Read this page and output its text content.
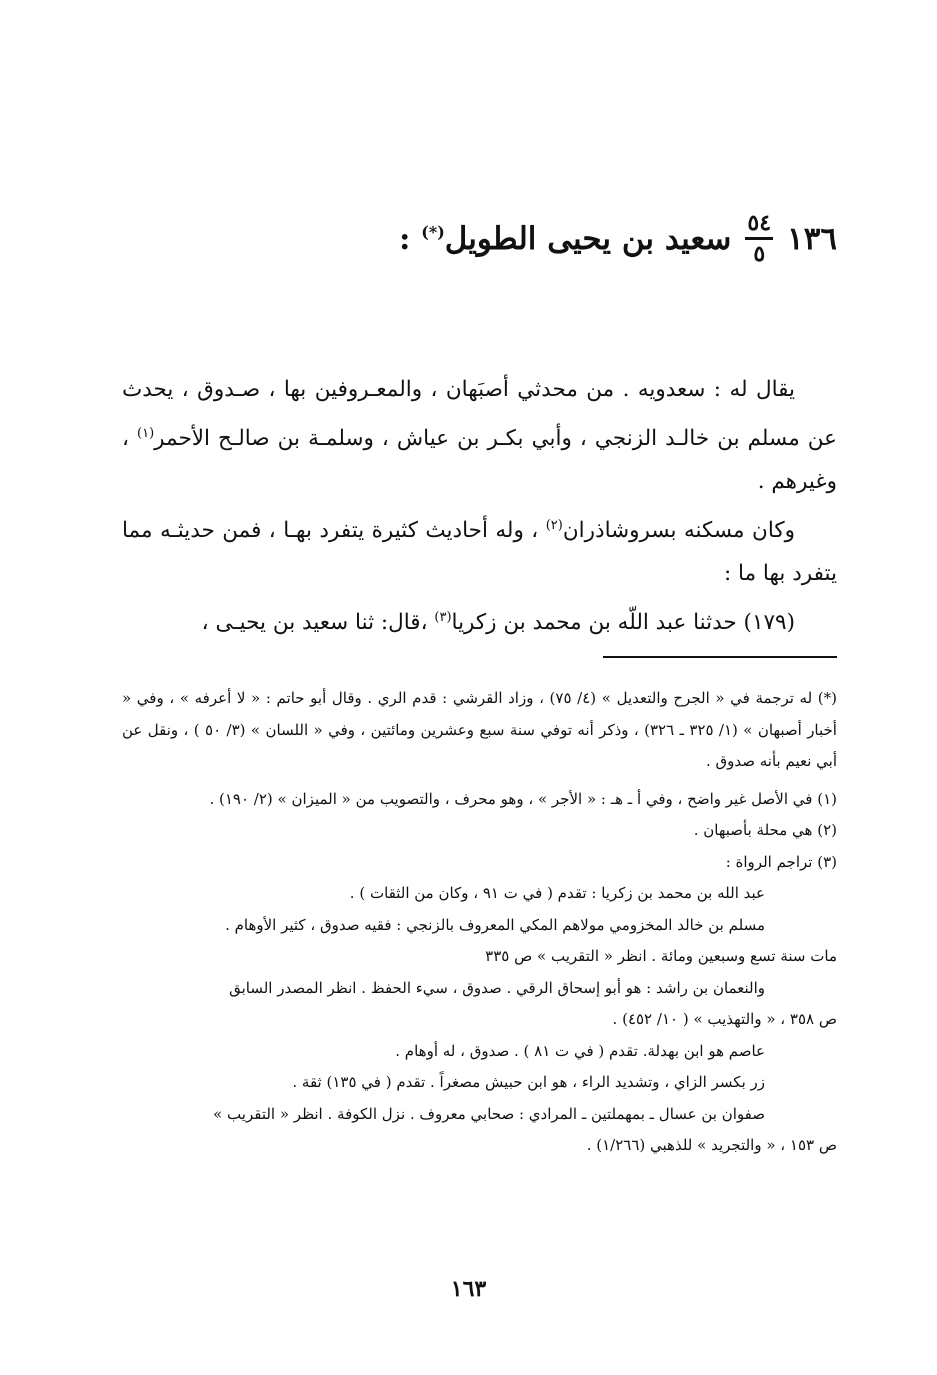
١٣٦
$\frac{٥٤}{٥}$
سعيد بن يحيى الطويل(*) :

يقال له : سعدويه . من محدثي أصبَهان ، والمعـروفين بها ، صـدوق ، يحدث عن مسلم بن خالـد الزنجي ، وأبي بكـر بن عياش ، وسلمـة بن صالـح الأحمر$^{(١)}$ ، وغيرهم .

وكان مسكنه بسروشاذران$^{(٢)}$ ، وله أحاديث كثيرة يتفرد بهـا ، فمن حديثـه مما يتفرد بها ما :

(١٧٩) حدثنا عبد اللّه بن محمد بن زكريا$^{(٣)}$ ،قال: ثنا سعيد بن يحيـى ،

(*) له ترجمة في « الجرح والتعديل » (٤/ ٧٥) ، وزاد القرشي : قدم الري . وقال أبو حاتم : « لا أعرفه » ، وفي « أخبار أصبهان » (١/ ٣٢٥ ـ ٣٢٦) ، وذكر أنه توفي سنة سبع وعشرين ومائتين ، وفي « اللسان » (٣/ ٥٠ ) ، ونقل عن أبي نعيم بأنه صدوق .

(١) في الأصل غير واضح ، وفي أ ـ هـ : « الأجر » ، وهو محرف ، والتصويب من « الميزان » (٢/ ١٩٠) .

(٢) هي محلة بأصبهان .

(٣) تراجم الرواة :

عبد الله بن محمد بن زكريا : تقدم ( في ت ٩١ ، وكان من الثقات ) .

مسلم بن خالد المخزومي مولاهم المكي المعروف بالزنجي : فقيه صدوق ، كثير الأوهام .

مات سنة تسع وسبعين ومائة . انظر « التقريب » ص ٣٣٥

والنعمان بن راشد : هو أبو إسحاق الرقي . صدوق ، سيء الحفظ . انظر المصدر السابق

ص ٣٥٨ ، « والتهذيب » ( ١٠/ ٤٥٢) .

عاصم هو ابن بهدلة. تقدم ( في ت ٨١ ) . صدوق ، له أوهام .

زر بكسر الزاي ، وتشديد الراء ، هو ابن حبيش مصغراً . تقدم ( في ١٣٥) ثقة .

صفوان بن عسال ـ بمهملتين ـ المرادي : صحابي معروف . نزل الكوفة . انظر « التقريب »

ص ١٥٣ ، « والتجريد » للذهبي (١/٢٦٦) .

١٦٣
